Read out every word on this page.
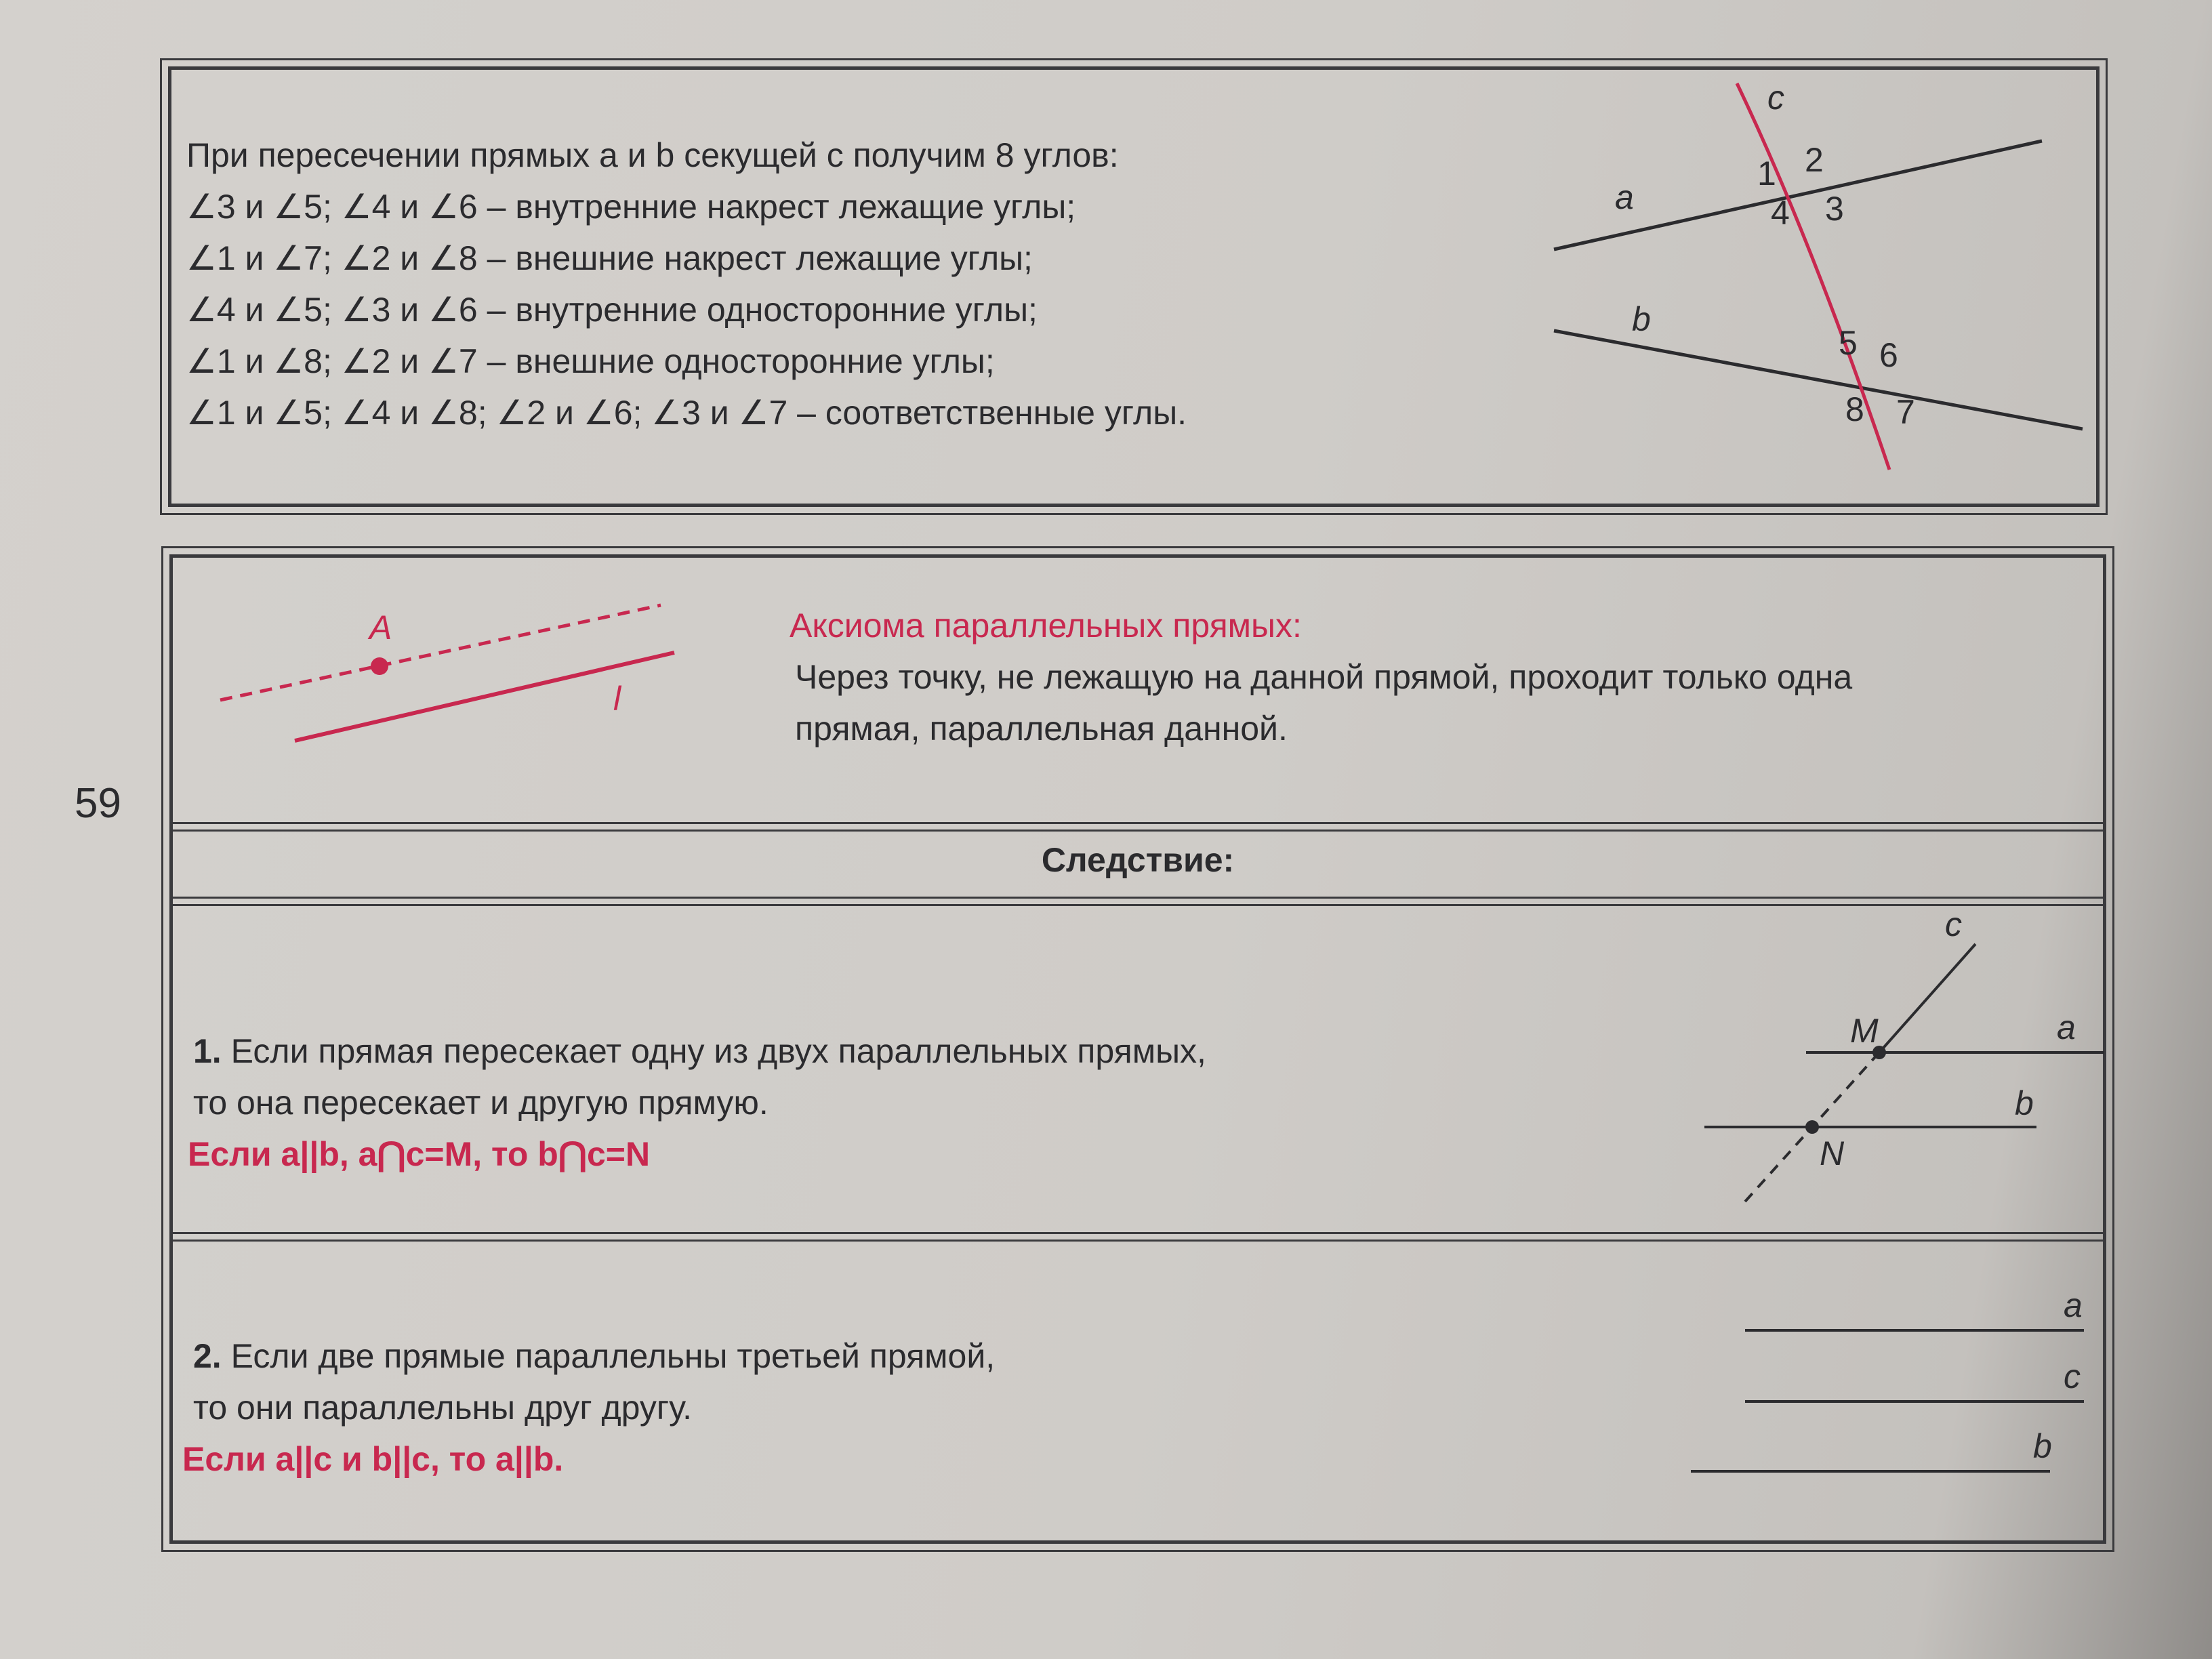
При пересечении прямых a и b секущей c получим 8 углов:
∠3 и ∠5; ∠4 и ∠6 – внутренние накрест лежащие углы;
∠1 и ∠7; ∠2 и ∠8 – внешние накрест лежащие углы;
∠4 и ∠5; ∠3 и ∠6 – внутренние односторонние углы;
∠1 и ∠8; ∠2 и ∠7 – внешние односторонние углы;
∠1 и ∠5; ∠4 и ∠8; ∠2 и ∠6; ∠3 и ∠7 – соответственные углы.
a
b
c
1 2
3
4
5 6
7
8
59
A
l
Аксиома параллельных прямых:
Через точку, не лежащую на данной прямой, проходит только одна
прямая, параллельная данной.
Следствие:
1. Если прямая пересекает одну из двух параллельных прямых,
то она пересекает и другую прямую.
Если a||b, a⋂c=M, то b⋂c=N
c
M	a
b
N
2. Если две прямые параллельны третьей прямой,
то они параллельны друг другу.
Если a||c и b||c, то a||b.
a
c
b
